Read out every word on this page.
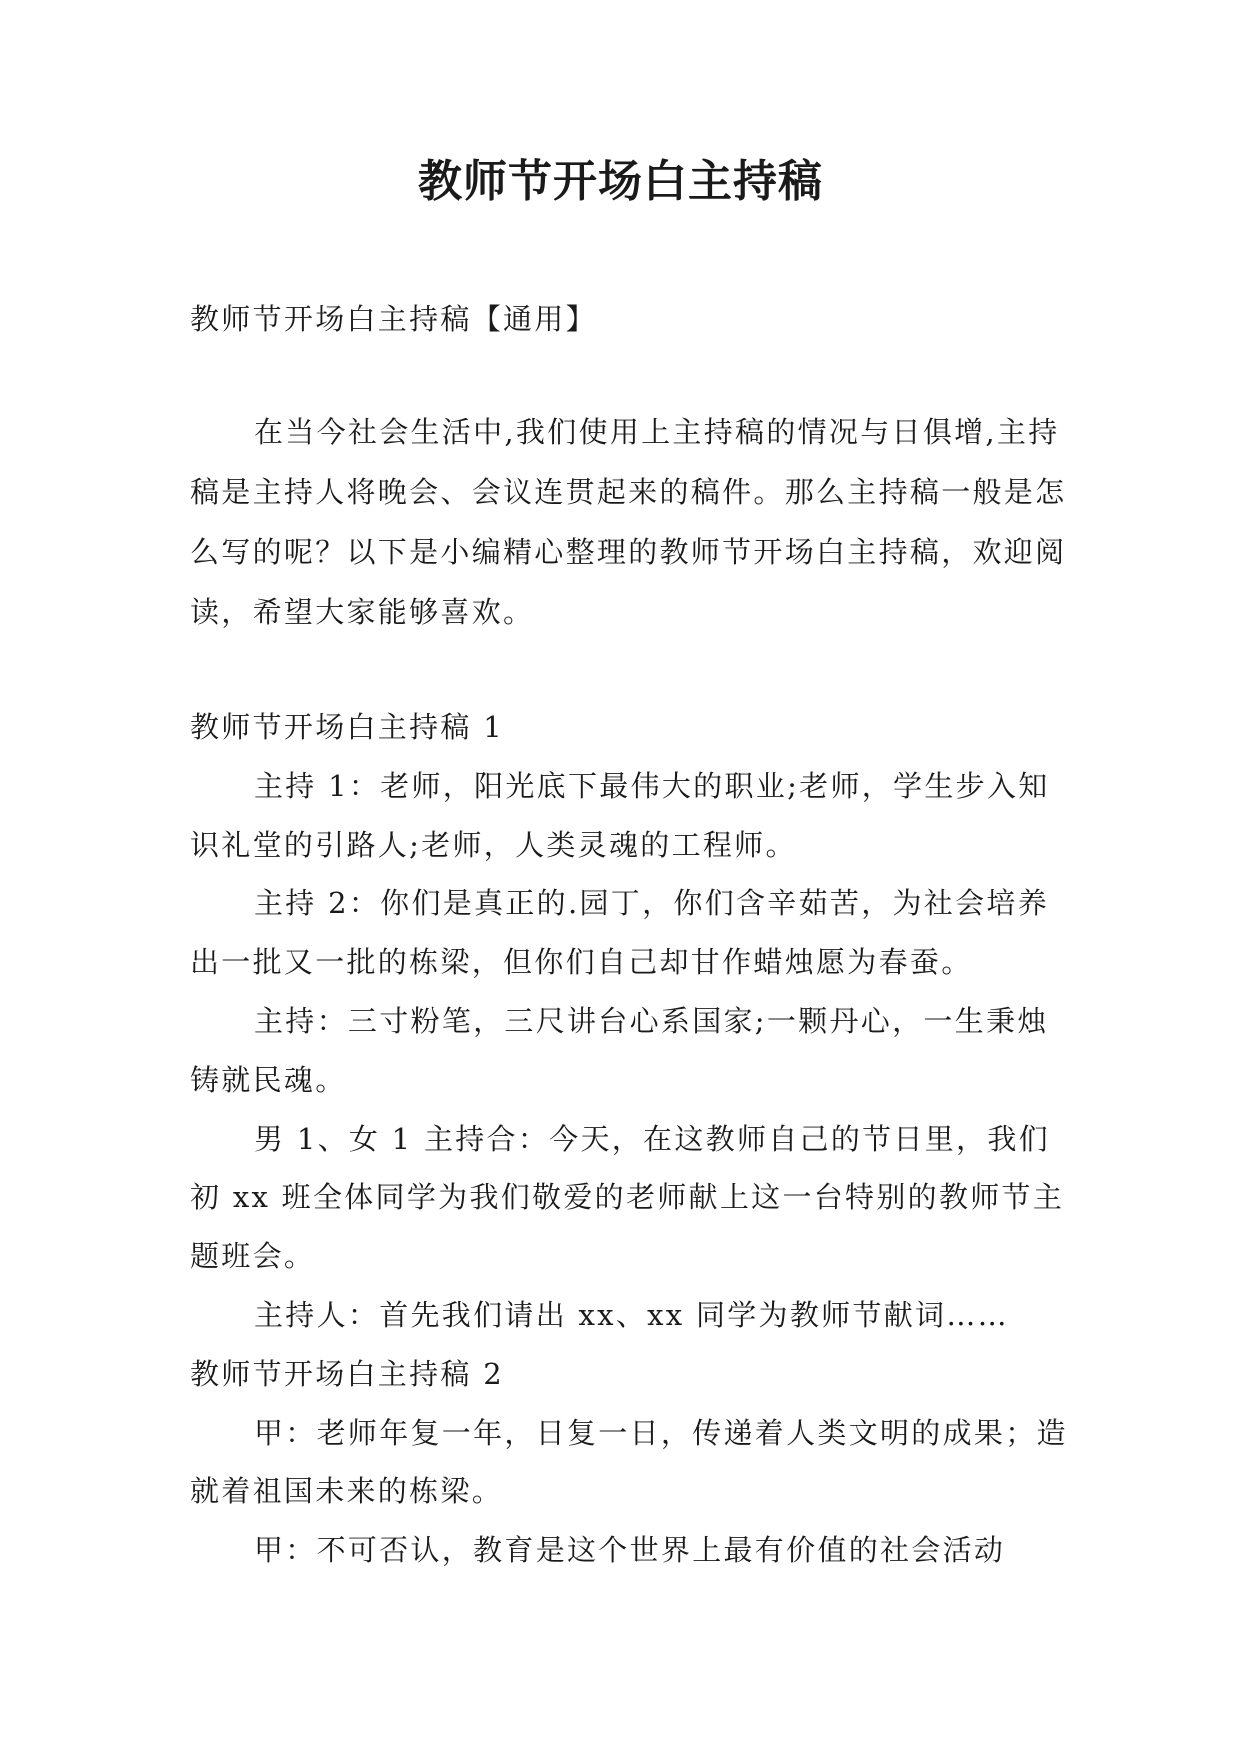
教师节开场白主持稿

教师节开场白主持稿【通用】

在当今社会生活中,我们使用上主持稿的情况与日俱增,主持稿是主持人将晚会、会议连贯起来的稿件。那么主持稿一般是怎么写的呢？以下是小编精心整理的教师节开场白主持稿，欢迎阅读，希望大家能够喜欢。

教师节开场白主持稿 1

主持 1：老师，阳光底下最伟大的职业;老师，学生步入知识礼堂的引路人;老师，人类灵魂的工程师。

主持 2：你们是真正的.园丁，你们含辛茹苦，为社会培养出一批又一批的栋梁，但你们自己却甘作蜡烛愿为春蚕。

主持：三寸粉笔，三尺讲台心系国家;一颗丹心，一生秉烛铸就民魂。

男 1、女 1 主持合：今天，在这教师自己的节日里，我们初 xx 班全体同学为我们敬爱的老师献上这一台特别的教师节主题班会。

主持人：首先我们请出 xx、xx 同学为教师节献词……

教师节开场白主持稿 2

甲：老师年复一年，日复一日，传递着人类文明的成果；造就着祖国未来的栋梁。

甲：不可否认，教育是这个世界上最有价值的社会活动
